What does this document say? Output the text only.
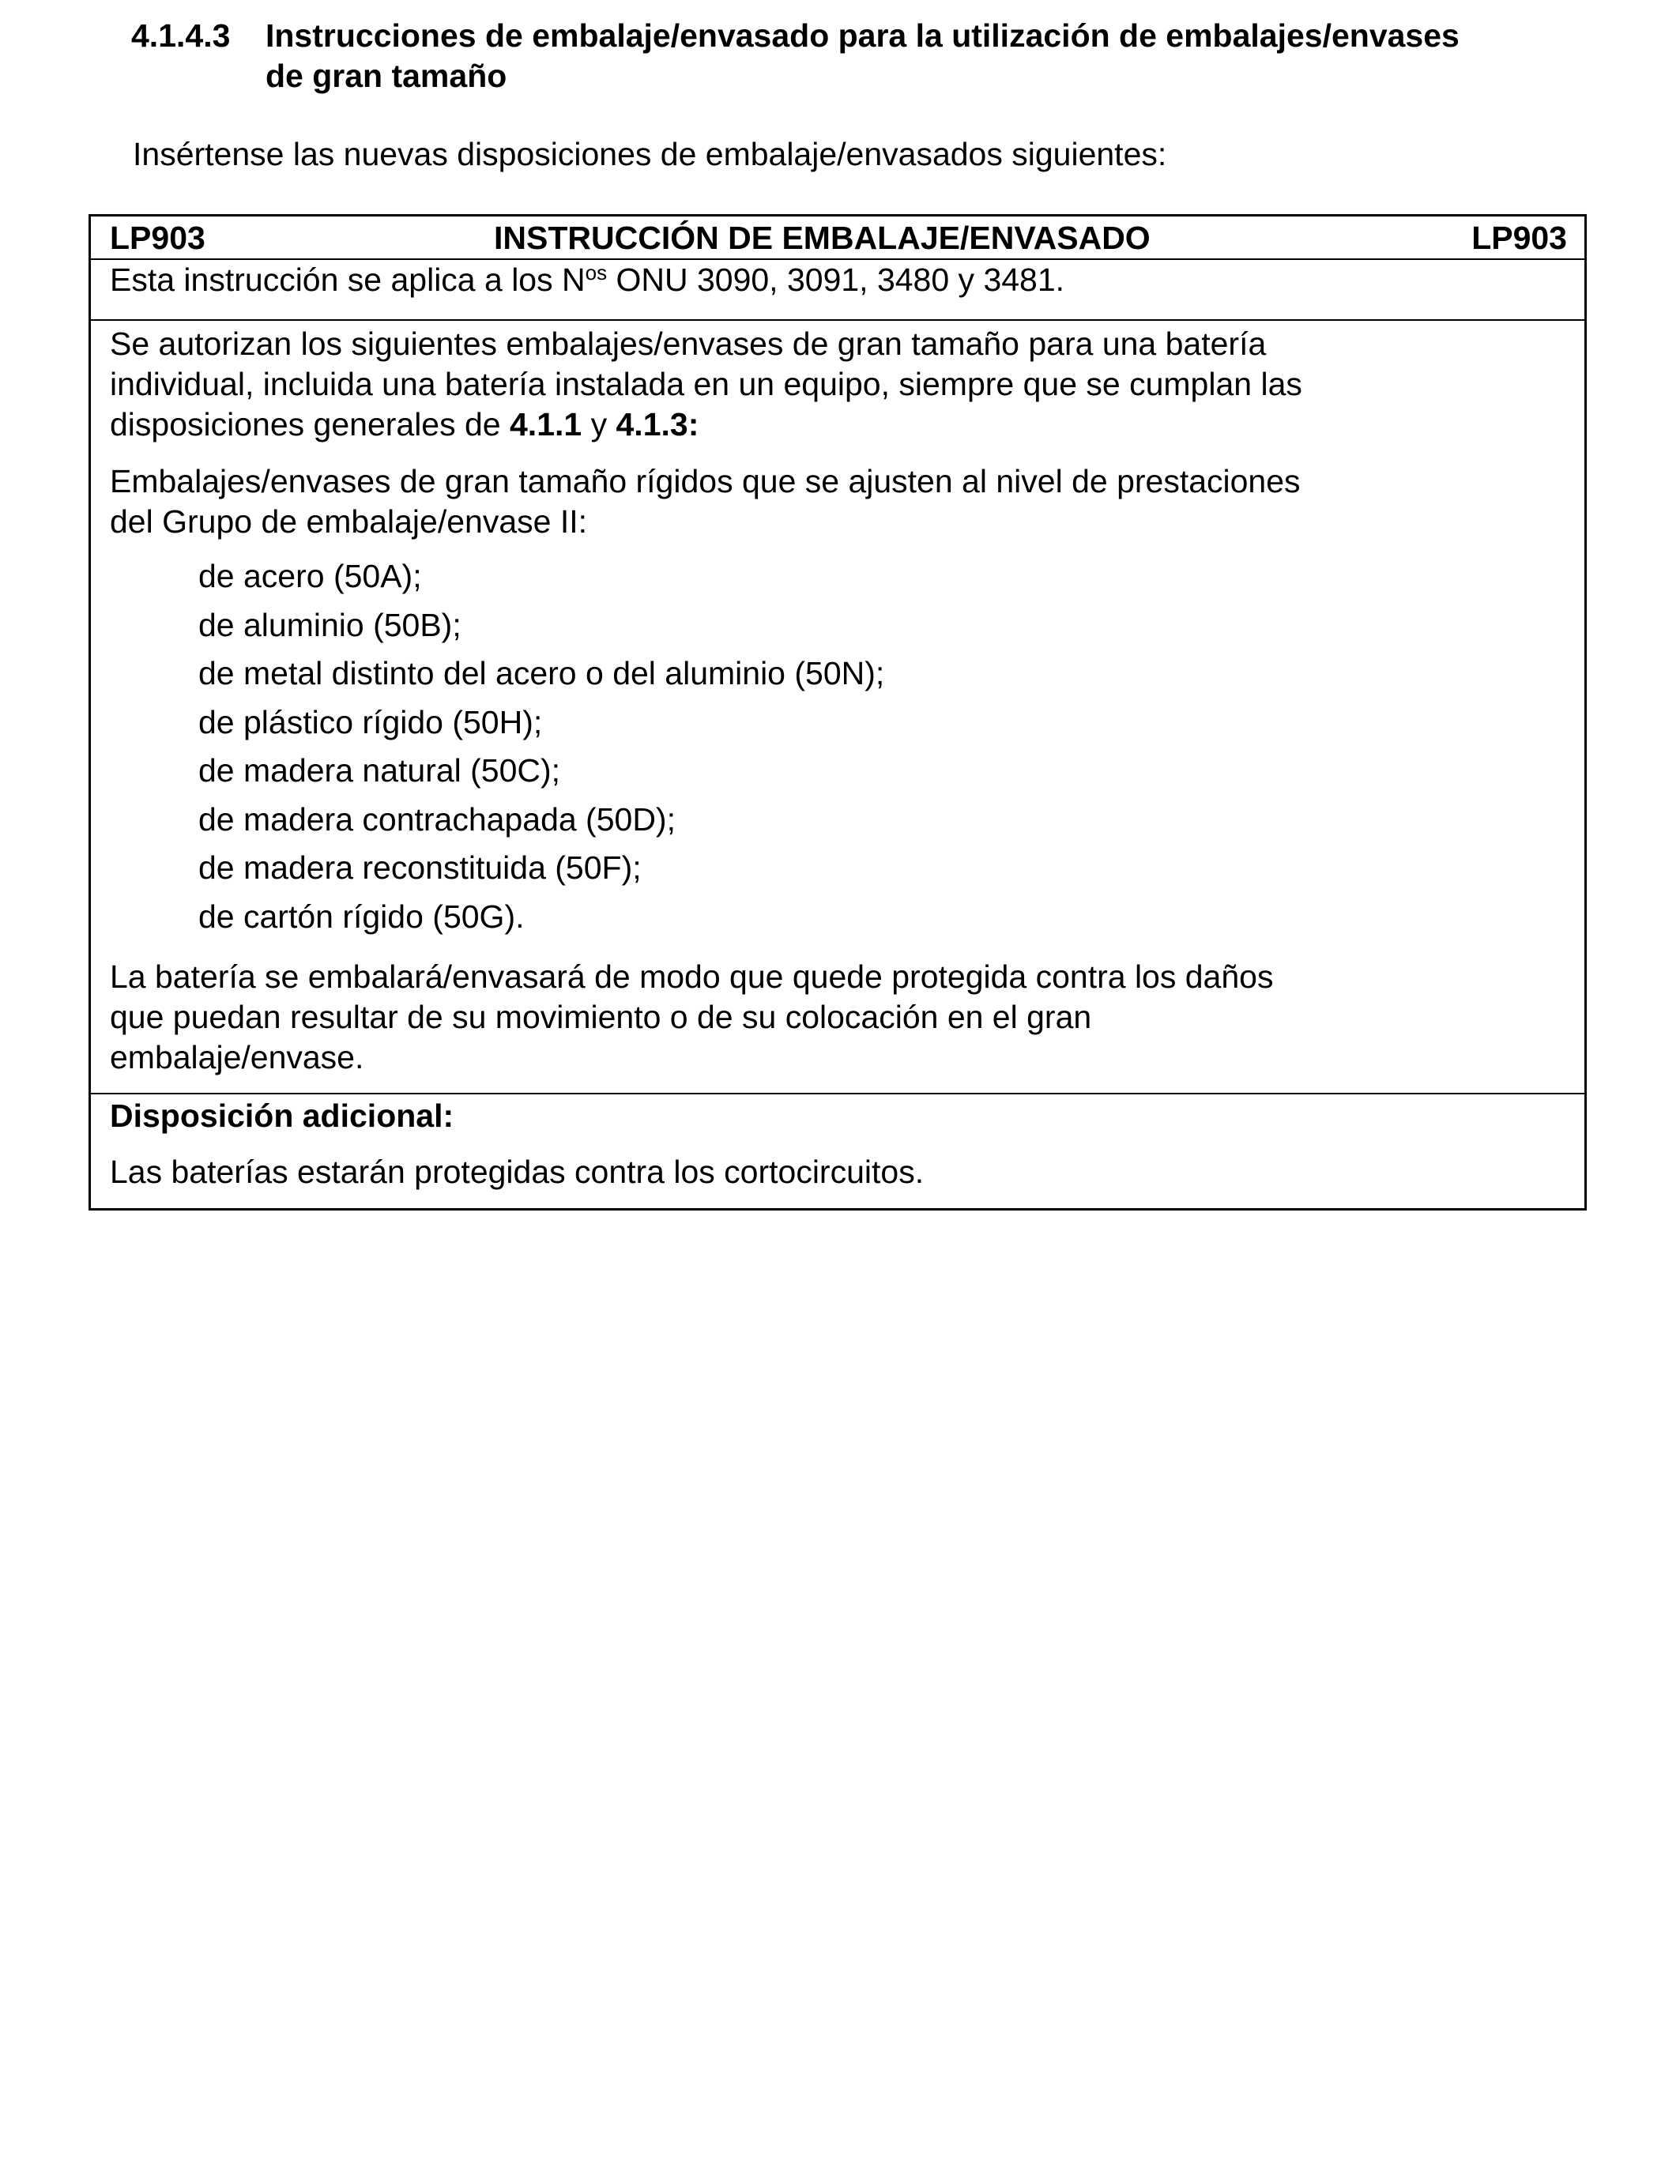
4.1.4.3 Instrucciones de embalaje/envasado para la utilización de embalajes/envases
de gran tamaño
Insértense las nuevas disposiciones de embalaje/envasados siguientes:
LP903	INSTRUCCIÓN DE EMBALAJE/ENVASADO	LP903
Esta instrucción se aplica a los $N^{os}$ ONU 3090, 3091, 3480 y 3481.
Se autorizan los siguientes embalajes/envases de gran tamaño para una batería
individual, incluida una batería instalada en un equipo, siempre que se cumplan las
disposiciones generales de 4.1.1 y 4.1.3:
Embalajes/envases de gran tamaño rígidos que se ajusten al nivel de prestaciones
del Grupo de embalaje/envase II:
de acero (50A);
de aluminio (50B);
de metal distinto del acero o del aluminio (50N);
de plástico rígido (50H);
de madera natural (50C);
de madera contrachapada (50D);
de madera reconstituida (50F);
de cartón rígido (50G).
La batería se embalará/envasará de modo que quede protegida contra los daños
que puedan resultar de su movimiento o de su colocación en el gran
embalaje/envase.
Disposición adicional:
Las baterías estarán protegidas contra los cortocircuitos.
